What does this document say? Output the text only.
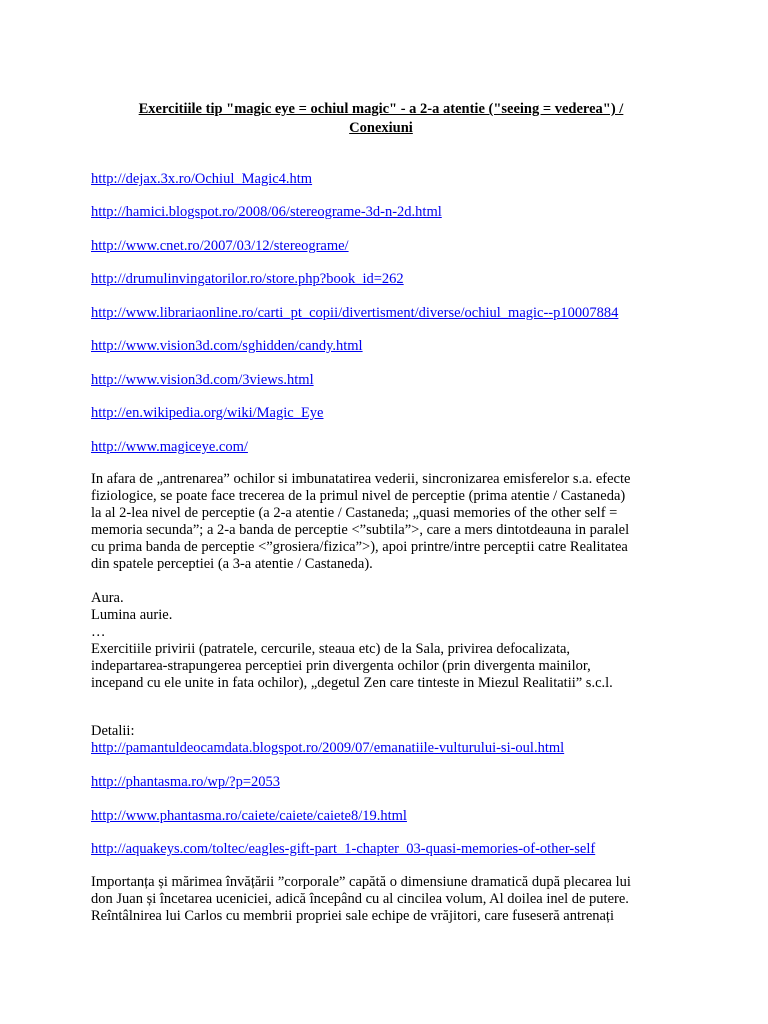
Exercitiile tip "magic eye = ochiul magic" - a 2-a atentie ("seeing = vederea") /
Conexiuni
http://dejax.3x.ro/Ochiul_Magic4.htm
http://hamici.blogspot.ro/2008/06/stereograme-3d-n-2d.html
http://www.cnet.ro/2007/03/12/stereograme/
http://drumulinvingatorilor.ro/store.php?book_id=262
http://www.librariaonline.ro/carti_pt_copii/divertisment/diverse/ochiul_magic--p10007884
http://www.vision3d.com/sghidden/candy.html
http://www.vision3d.com/3views.html
http://en.wikipedia.org/wiki/Magic_Eye
http://www.magiceye.com/
In afara de „antrenarea” ochilor si imbunatatirea vederii, sincronizarea emisferelor s.a. efecte
fiziologice, se poate face trecerea de la primul nivel de perceptie (prima atentie / Castaneda)
la al 2-lea nivel de perceptie (a 2-a atentie / Castaneda; „quasi memories of the other self =
memoria secunda”; a 2-a banda de perceptie <”subtila”>, care a mers dintotdeauna in paralel
cu prima banda de perceptie <”grosiera/fizica”>), apoi printre/intre perceptii catre Realitatea
din spatele perceptiei (a 3-a atentie / Castaneda).
Aura.
Lumina aurie.
…
Exercitiile privirii (patratele, cercurile, steaua etc) de la Sala, privirea defocalizata,
indepartarea-strapungerea perceptiei prin divergenta ochilor (prin divergenta mainilor,
incepand cu ele unite in fata ochilor), „degetul Zen care tinteste in Miezul Realitatii” s.c.l.
Detalii:
http://pamantuldeocamdata.blogspot.ro/2009/07/emanatiile-vulturului-si-oul.html
http://phantasma.ro/wp/?p=2053
http://www.phantasma.ro/caiete/caiete/caiete8/19.html
http://aquakeys.com/toltec/eagles-gift-part_1-chapter_03-quasi-memories-of-other-self
Importanța și mărimea învățării ”corporale” capătă o dimensiune dramatică după plecarea lui
don Juan și încetarea uceniciei, adică începând cu al cincilea volum, Al doilea inel de putere.
Reîntâlnirea lui Carlos cu membrii propriei sale echipe de vrăjitori, care fuseseră antrenați
